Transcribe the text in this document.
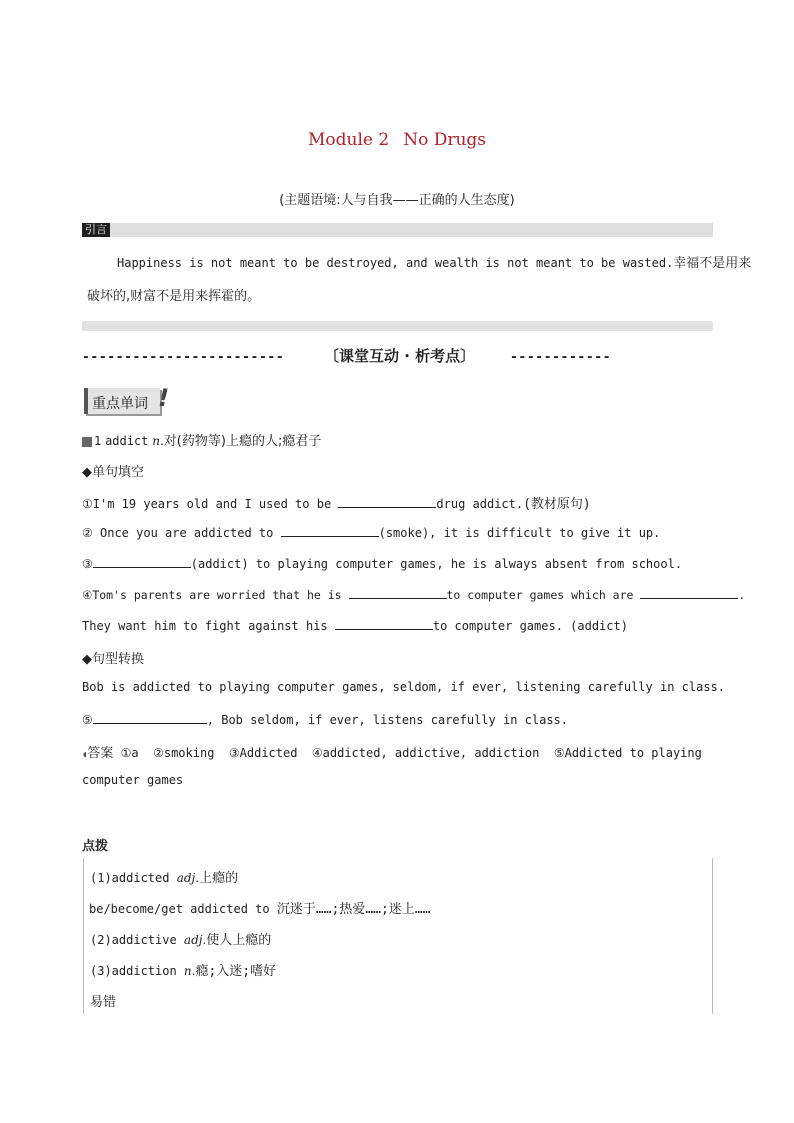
Module 2 No Drugs
(主题语境:人与自我——正确的人生态度)
引言
Happiness is not meant to be destroyed, and wealth is not meant to be wasted.幸福不是用来
破坏的,财富不是用来挥霍的。
------------------------	〔课堂互动 · 析考点〕	------------
重点单词 !
1 addict n.对(药物等)上瘾的人;瘾君子
◆单句填空
①I'm 19 years old and I used to be	drug addict.(教材原句)
② Once you are addicted to	(smoke), it is difficult to give it up.
③	(addict) to playing computer games, he is always absent from school.
④Tom's parents are worried that he is	to computer games which are	.
They want him to fight against his	to computer games. (addict)
◆句型转换
Bob is addicted to playing computer games, seldom, if ever, listening carefully in class.
⑤	, Bob seldom, if ever, listens carefully in class.
◖答案 ①a  ②smoking  ③Addicted  ④addicted, addictive, addiction  ⑤Addicted to playing
computer games
点拨
(1)addicted adj.上瘾的
be/become/get addicted to 沉迷于……;热爱……;迷上……
(2)addictive adj.使人上瘾的
(3)addiction n.瘾;入迷;嗜好
易错
